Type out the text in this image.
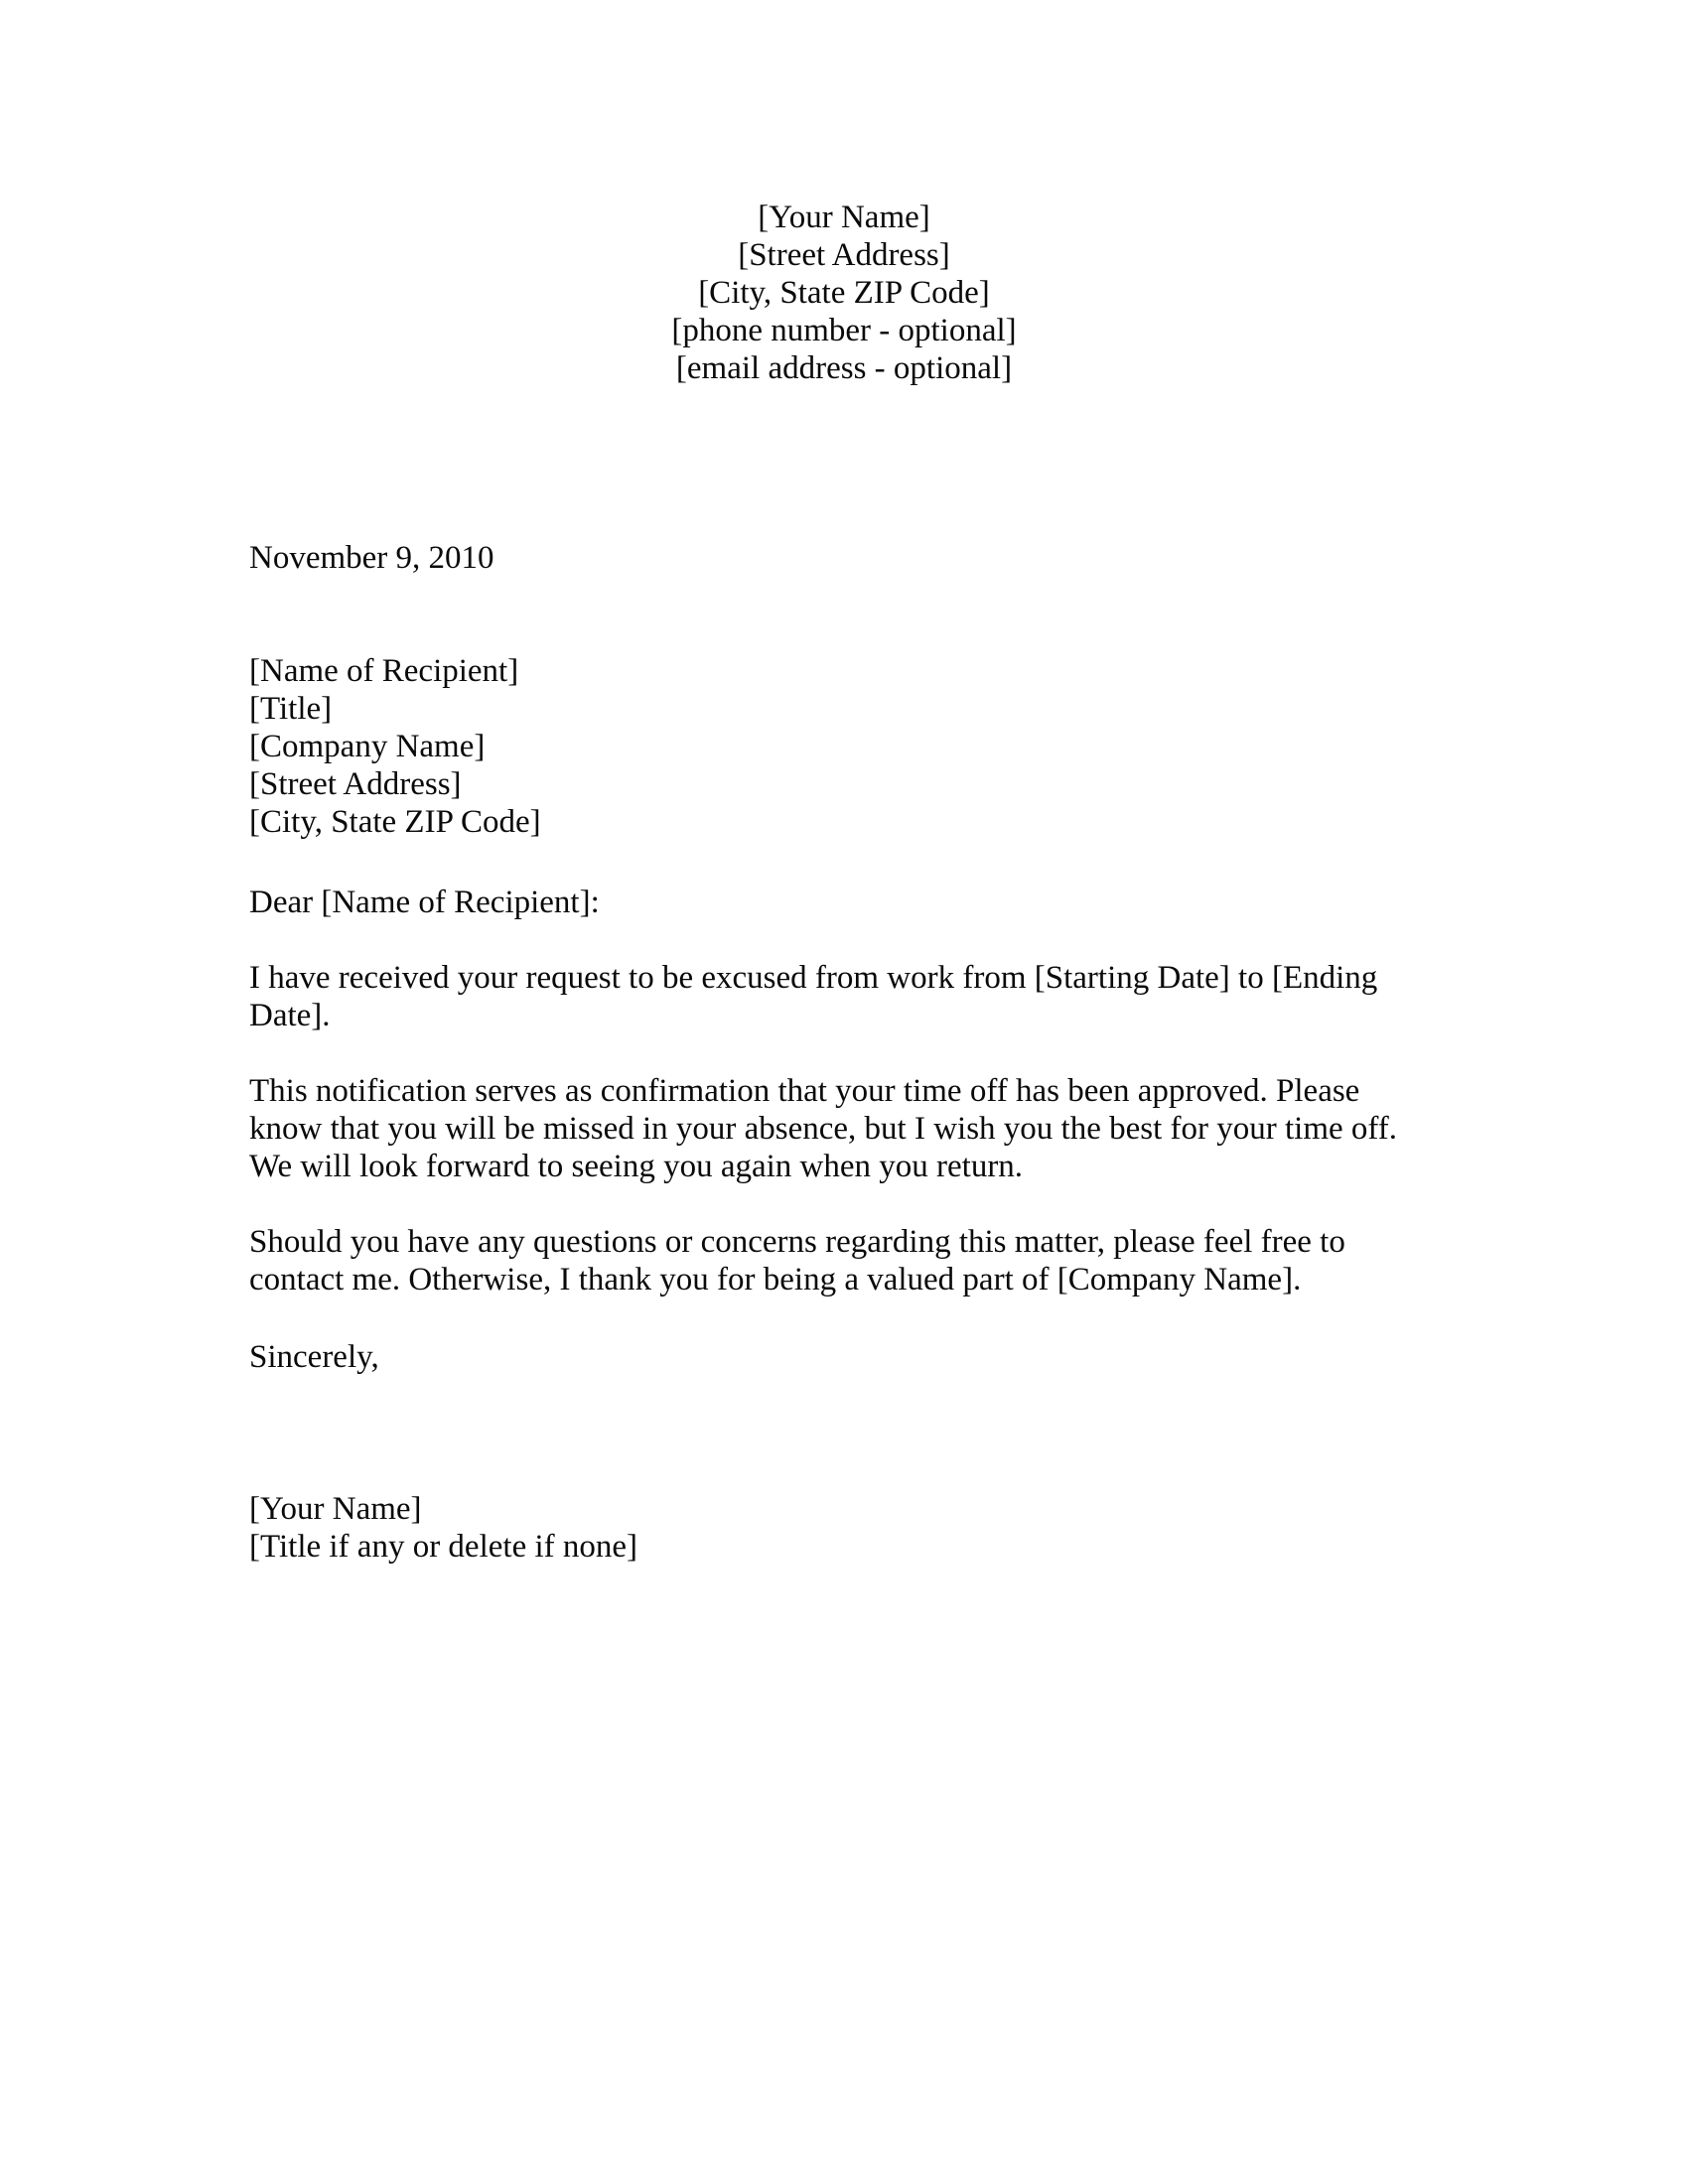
[Your Name]
[Street Address]
[City, State ZIP Code]
[phone number - optional]
[email address - optional]
November 9, 2010
[Name of Recipient]
[Title]
[Company Name]
[Street Address]
[City, State ZIP Code]
Dear [Name of Recipient]:
I have received your request to be excused from work from [Starting Date] to [Ending
Date].
This notification serves as confirmation that your time off has been approved. Please
know that you will be missed in your absence, but I wish you the best for your time off.
We will look forward to seeing you again when you return.
Should you have any questions or concerns regarding this matter, please feel free to
contact me. Otherwise, I thank you for being a valued part of [Company Name].
Sincerely,
[Your Name]
[Title if any or delete if none]
